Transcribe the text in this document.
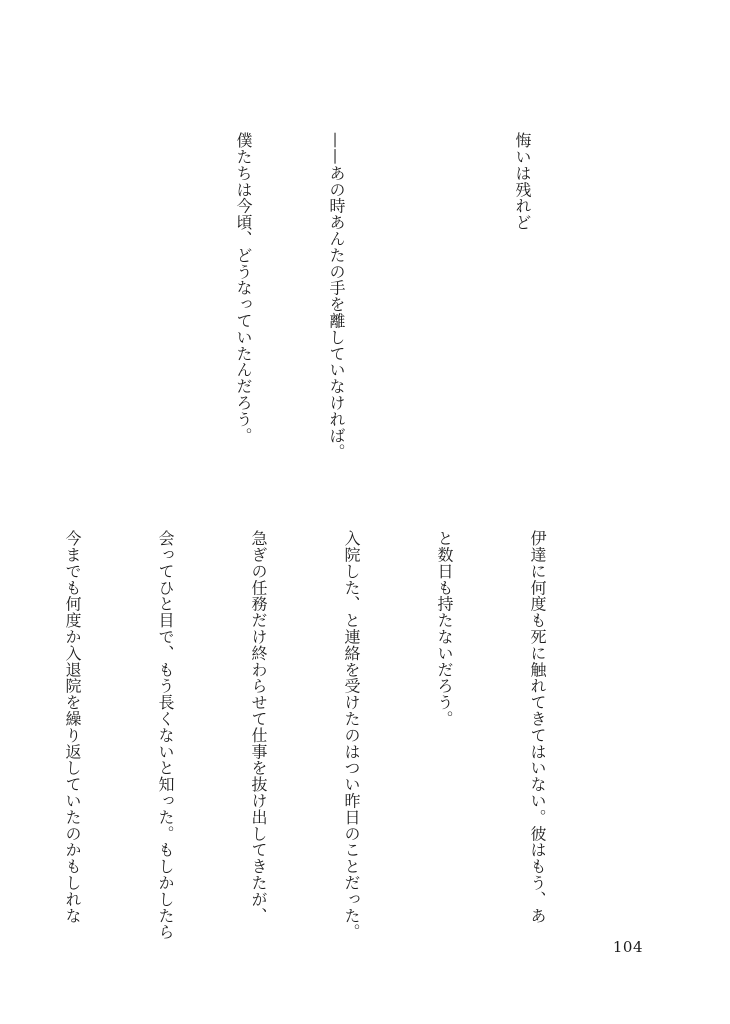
悔いは残れど

——あの時あんたの手を離していなければ。

僕たちは今頃、どうなっていたんだろう。

伊達に何度も死に触れてきてはいない。彼はもう、あ

と数日も持たないだろう。

入院した、と連絡を受けたのはつい昨日のことだった。

急ぎの任務だけ終わらせて仕事を抜け出してきたが、

会ってひと目で、もう長くないと知った。もしかしたら

今までも何度か入退院を繰り返していたのかもしれな

104
